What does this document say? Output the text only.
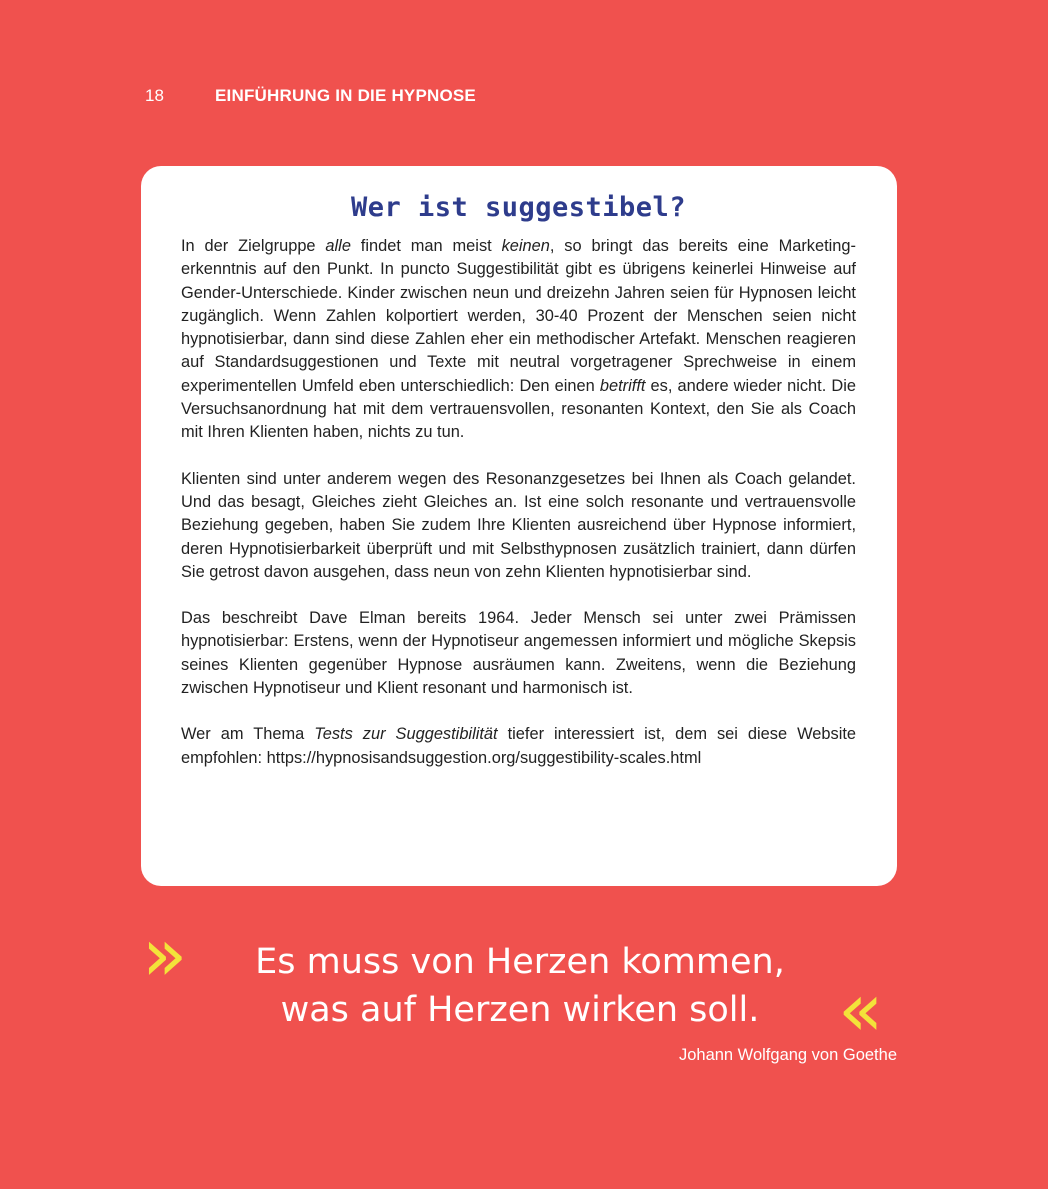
18	EINFÜHRUNG IN DIE HYPNOSE
Wer ist suggestibel?

In der Zielgruppe alle findet man meist keinen, so bringt das bereits eine Marketingerkenntnis auf den Punkt. In puncto Suggestibilität gibt es übrigens keinerlei Hinweise auf Gender-Unterschiede. Kinder zwischen neun und dreizehn Jahren seien für Hypnosen leicht zugänglich. Wenn Zahlen kolportiert werden, 30-40 Prozent der Menschen seien nicht hypnotisierbar, dann sind diese Zahlen eher ein methodischer Artefakt. Menschen reagieren auf Standardsuggestionen und Texte mit neutral vorgetragener Sprechweise in einem experimentellen Umfeld eben unterschiedlich: Den einen betrifft es, andere wieder nicht. Die Versuchsanordnung hat mit dem vertrauensvollen, resonanten Kontext, den Sie als Coach mit Ihren Klienten haben, nichts zu tun.

Klienten sind unter anderem wegen des Resonanzgesetzes bei Ihnen als Coach gelandet. Und das besagt, Gleiches zieht Gleiches an. Ist eine solch resonante und vertrauensvolle Beziehung gegeben, haben Sie zudem Ihre Klienten ausreichend über Hypnose informiert, deren Hypnotisierbarkeit überprüft und mit Selbsthypnosen zusätzlich trainiert, dann dürfen Sie getrost davon ausgehen, dass neun von zehn Klienten hypnotisierbar sind.

Das beschreibt Dave Elman bereits 1964. Jeder Mensch sei unter zwei Prämissen hypnotisierbar: Erstens, wenn der Hypnotiseur angemessen informiert und mögliche Skepsis seines Klienten gegenüber Hypnose ausräumen kann. Zweitens, wenn die Beziehung zwischen Hypnotiseur und Klient resonant und harmonisch ist.

Wer am Thema Tests zur Suggestibilität tiefer interessiert ist, dem sei diese Website empfohlen: https://hypnosisandsuggestion.org/suggestibility-scales.html

»	Es muss von Herzen kommen,
was auf Herzen wirken soll.	«
Johann Wolfgang von Goethe
